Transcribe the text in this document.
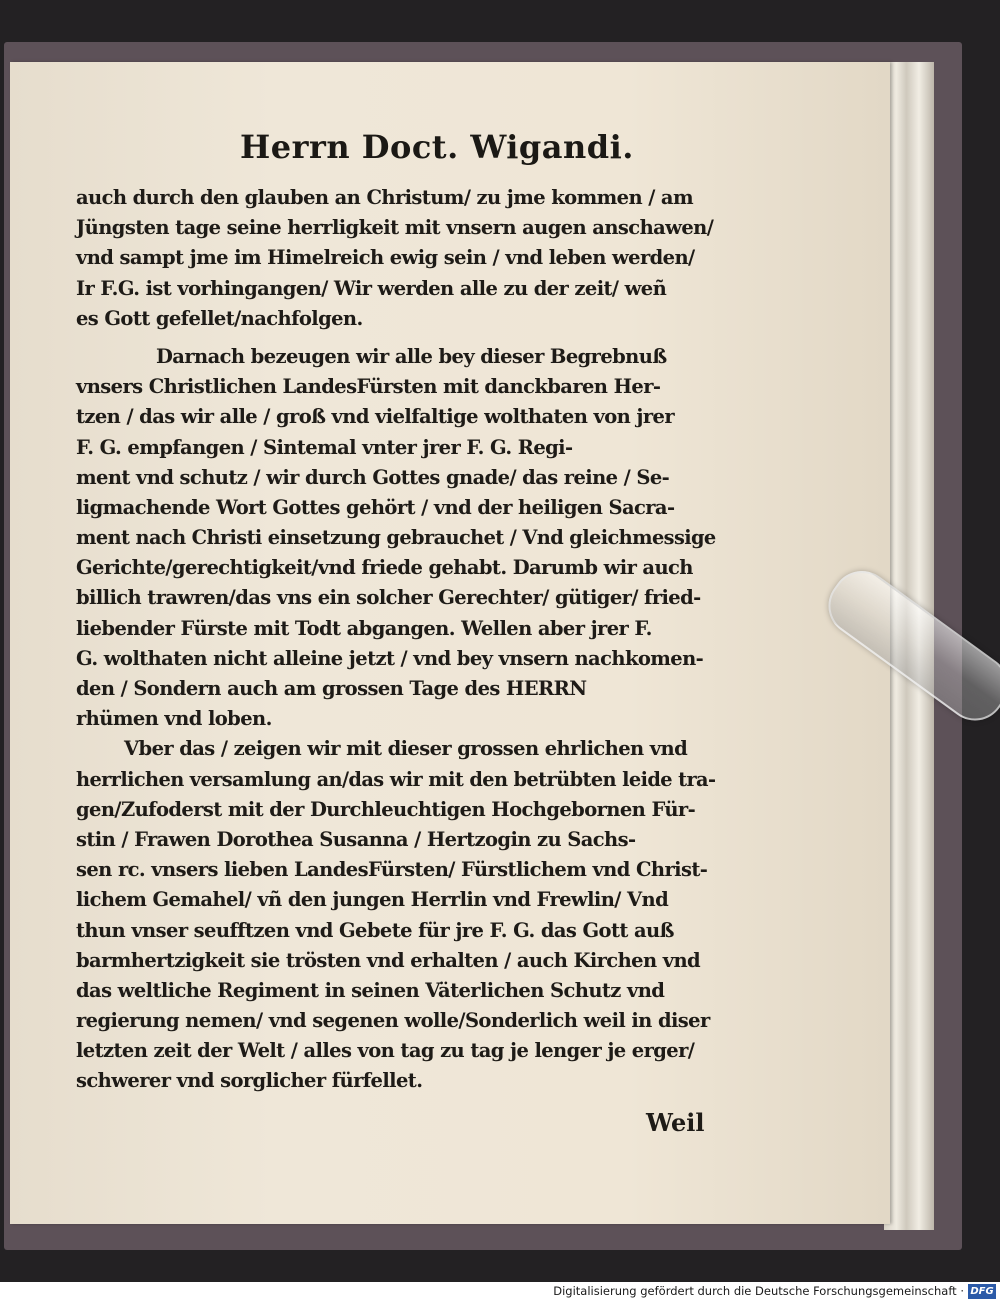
Herrn Doct. Wigandi.
auch durch den glauben an Christum/ zu jme kommen / am
Jüngsten tage seine herrligkeit mit vnsern augen anschawen/
vnd sampt jme im Himelreich ewig sein / vnd leben werden/
Ir F.G. ist vorhingangen/ Wir werden alle zu der zeit/ weñ
es Gott gefellet/nachfolgen.
Darnach bezeugen wir alle bey dieser Begrebnuß
vnsers Christlichen LandesFürsten mit danckbaren Her-
tzen / das wir alle / groß vnd vielfaltige wolthaten von jrer
F. G. empfangen / Sintemal vnter jrer F. G. Regi-
ment vnd schutz / wir durch Gottes gnade/ das reine / Se-
ligmachende Wort Gottes gehört / vnd der heiligen Sacra-
ment nach Christi einsetzung gebrauchet / Vnd gleichmessige
Gerichte/gerechtigkeit/vnd friede gehabt. Darumb wir auch
billich trawren/das vns ein solcher Gerechter/ gütiger/ fried-
liebender Fürste mit Todt abgangen. Wellen aber jrer F.
G. wolthaten nicht alleine jetzt / vnd bey vnsern nachkomen-
den / Sondern auch am grossen Tage des HERRN
rhümen vnd loben.
Vber das / zeigen wir mit dieser grossen ehrlichen vnd
herrlichen versamlung an/das wir mit den betrübten leide tra-
gen/Zufoderst mit der Durchleuchtigen Hochgebornen Für-
stin / Frawen Dorothea Susanna / Hertzogin zu Sachs-
sen rc. vnsers lieben LandesFürsten/ Fürstlichem vnd Christ-
lichem Gemahel/ vñ den jungen Herrlin vnd Frewlin/ Vnd
thun vnser seufftzen vnd Gebete für jre F. G. das Gott auß
barmhertzigkeit sie trösten vnd erhalten / auch Kirchen vnd
das weltliche Regiment in seinen Väterlichen Schutz vnd
regierung nemen/ vnd segenen wolle/Sonderlich weil in diser
letzten zeit der Welt / alles von tag zu tag je lenger je erger/
schwerer vnd sorglicher fürfellet.
Weil
Digitalisierung gefördert durch die Deutsche Forschungsgemeinschaft · DFG
